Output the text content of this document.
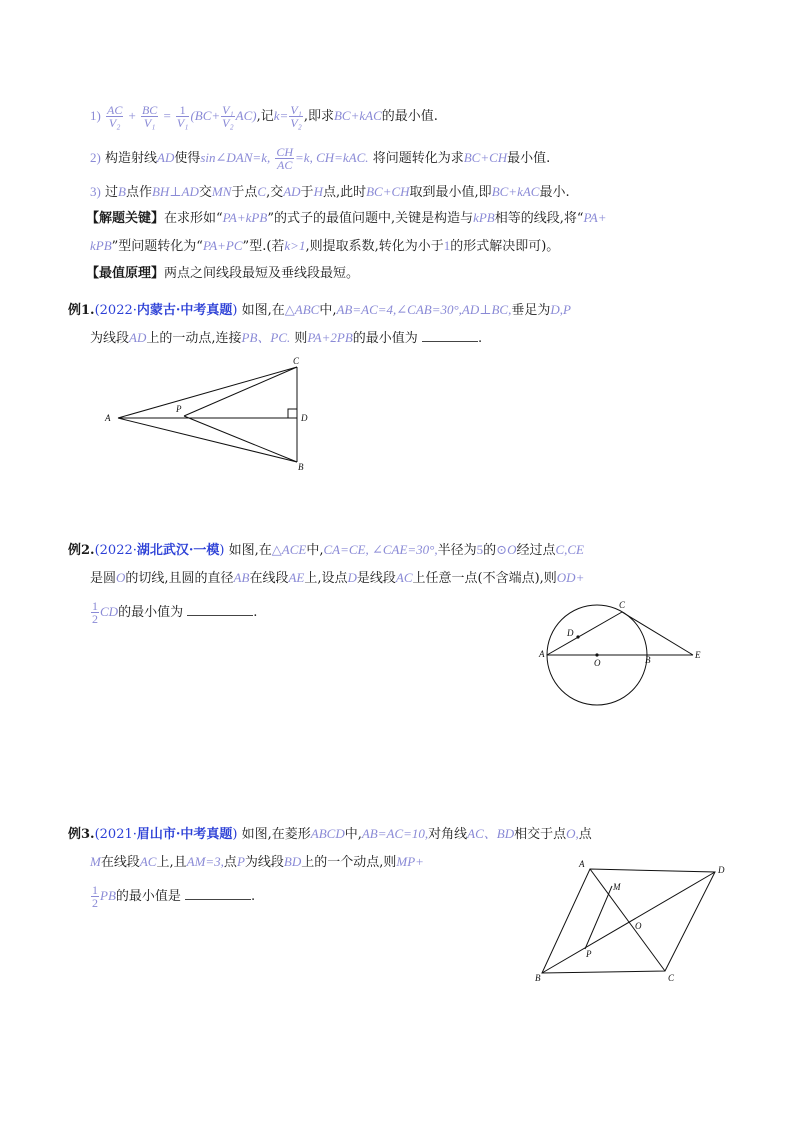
$1) \frac{AC}{\text{V₂}} + \frac{BC}{\text{V₁}} = \frac{1}{\text{V₁}} (BC+ \frac{\text{V₁}}{\text{V₂}} AC)$,记$k= \frac{\text{V₁}}{\text{V₂}}$ ,即求BC+kAC的最小值.
2) 构造射线AD使得sin∠DAN=k, $\frac{CH}{AC} =k$, CH=kAC. 将问题转化为求BC+CH最小值.
3) 过B点作BH⊥AD交MN于点C,交AD于H点,此时BC+CH取到最小值,即BC+kAC最小.
【解题关键】在求形如“PA+kPB”的式子的最值问题中,关键是构造与kPB相等的线段,将“PA+
kPB”型问题转化为“PA+PC”型.(若k>1,则提取系数,转化为小于1的形式解决即可)。
【最值原理】两点之间线段最短及垂线段最短。
例1.(2022·内蒙古·中考真题) 如图,在△ABC中,AB=AC=4,∠CAB=30°,AD⊥BC,垂足为D,P
为线段AD上的一动点,连接PB、PC. 则PA+2PB的最小值为	.
A
P
C
D
B
例2.(2022·湖北武汉·一模) 如图,在△ACE中,CA=CE, ∠CAE=30°,半径为5的⊙O经过点C,CE
是圆O的切线,且圆的直径AB在线段AE上,设点D是线段AC上任意一点(不含端点),则OD+
$\frac{1}{2}$ CD的最小值为	.	C
D
A
O	B	E
例3.(2021·眉山市·中考真题) 如图,在菱形ABCD中,AB=AC=10,对角线AC、BD相交于点O,点
M在线段AC上,且AM=3,点P为线段BD上的一个动点,则MP+
$\frac{1}{2}$ PB的最小值是	.
A
D
M
O
P
B	C
